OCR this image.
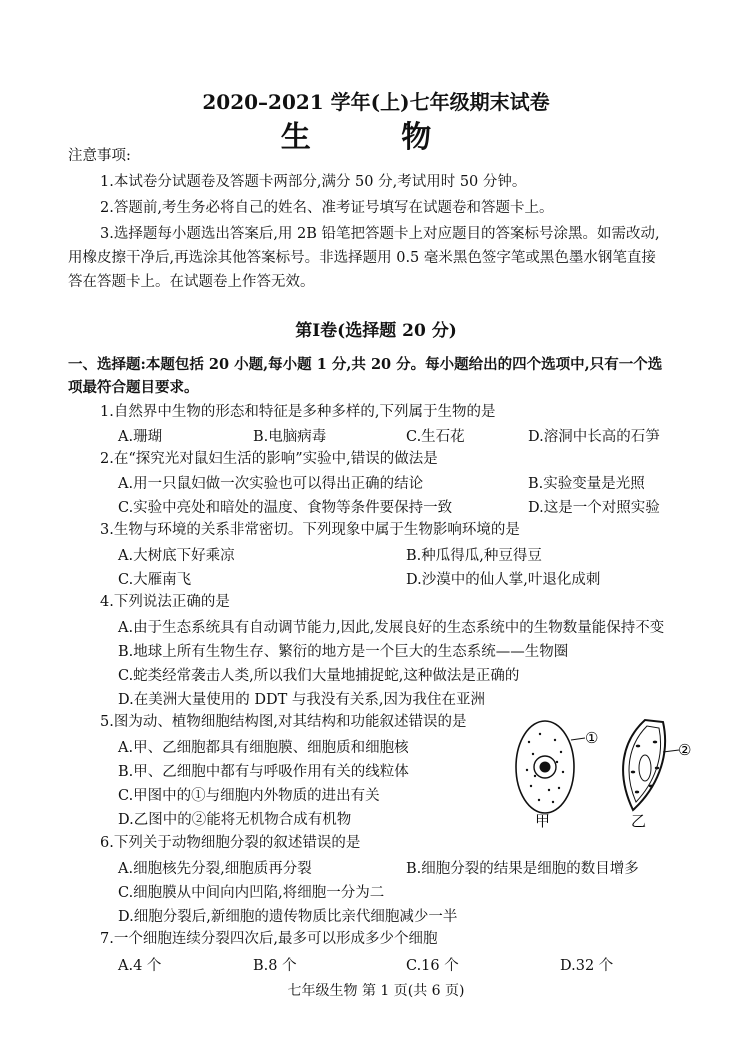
2020–2021 学年(上)七年级期末试卷
生 物
注意事项:
1.本试卷分试题卷及答题卡两部分,满分 50 分,考试用时 50 分钟。
2.答题前,考生务必将自己的姓名、准考证号填写在试题卷和答题卡上。
3.选择题每小题选出答案后,用 2B 铅笔把答题卡上对应题目的答案标号涂黑。如需改动,
用橡皮擦干净后,再选涂其他答案标号。非选择题用 0.5 毫米黑色签字笔或黑色墨水钢笔直接
答在答题卡上。在试题卷上作答无效。
第Ⅰ卷(选择题 20 分)
一、选择题:本题包括 20 小题,每小题 1 分,共 20 分。每小题给出的四个选项中,只有一个选
项最符合题目要求。
1.自然界中生物的形态和特征是多种多样的,下列属于生物的是
A.珊瑚	B.电脑病毒	C.生石花	D.溶洞中长高的石笋
2.在“探究光对鼠妇生活的影响”实验中,错误的做法是
A.用一只鼠妇做一次实验也可以得出正确的结论	B.实验变量是光照
C.实验中亮处和暗处的温度、食物等条件要保持一致	D.这是一个对照实验
3.生物与环境的关系非常密切。下列现象中属于生物影响环境的是
A.大树底下好乘凉	B.种瓜得瓜,种豆得豆
C.大雁南飞	D.沙漠中的仙人掌,叶退化成刺
4.下列说法正确的是
A.由于生态系统具有自动调节能力,因此,发展良好的生态系统中的生物数量能保持不变
B.地球上所有生物生存、繁衍的地方是一个巨大的生态系统——生物圈
C.蛇类经常袭击人类,所以我们大量地捕捉蛇,这种做法是正确的
D.在美洲大量使用的 DDT 与我没有关系,因为我住在亚洲
5.图为动、植物细胞结构图,对其结构和功能叙述错误的是
A.甲、乙细胞都具有细胞膜、细胞质和细胞核
B.甲、乙细胞中都有与呼吸作用有关的线粒体
C.甲图中的①与细胞内外物质的进出有关
D.乙图中的②能将无机物合成有机物
①
甲
②
乙
6.下列关于动物细胞分裂的叙述错误的是
A.细胞核先分裂,细胞质再分裂	B.细胞分裂的结果是细胞的数目增多
C.细胞膜从中间向内凹陷,将细胞一分为二
D.细胞分裂后,新细胞的遗传物质比亲代细胞减少一半
7.一个细胞连续分裂四次后,最多可以形成多少个细胞
A.4 个	B.8 个	C.16 个	D.32 个
七年级生物 第 1 页(共 6 页)
